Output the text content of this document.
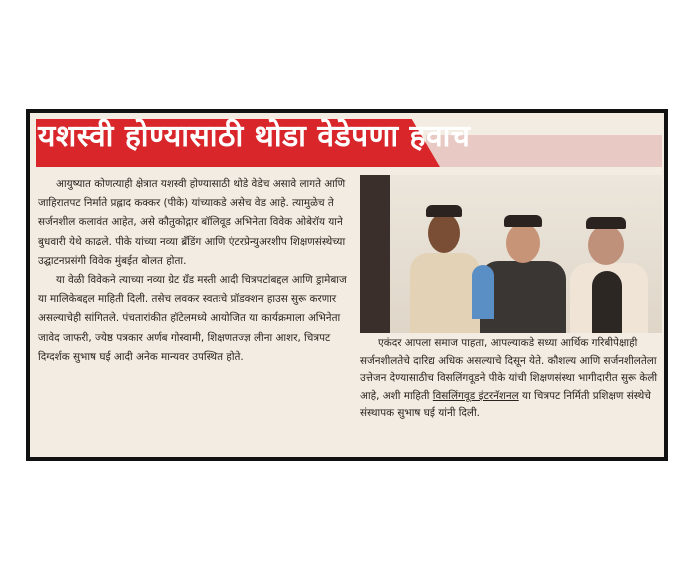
यशस्वी होण्यासाठी थोडा वेडेपणा हवाच

आयुष्यात कोणत्याही क्षेत्रात यशस्वी होण्यासाठी थोडे वेडेच असावे लागते आणि जाहिरातपट निर्माते प्रह्लाद कक्कर (पीके) यांच्याकडे असेच वेड आहे. त्यामुळेच ते सर्जनशील कलावंत आहेत, असे कौतुकोद्गार बॉलिवूड अभिनेता विवेक ओबेरॉय याने बुधवारी येथे काढले. पीके यांच्या नव्या ब्रँडिंग आणि एंटरप्रेन्युअरशीप शिक्षणसंस्थेच्या उद्घाटनप्रसंगी विवेक मुंबईत बोलत होता.

या वेळी विवेकने त्याच्या नव्या ग्रेट ग्रँड मस्ती आदी चित्रपटांबद्दल आणि ड्रामेबाज या मालिकेबद्दल माहिती दिली. तसेच लवकर स्वतःचे प्रॉडक्शन हाउस सुरू करणार असल्याचेही सांगितले. पंचतारांकीत हॉटेलमध्ये आयोजित या कार्यक्रमाला अभिनेता जावेद जाफरी, ज्येष्ठ पत्रकार अर्णब गोस्वामी, शिक्षणतज्ज्ञ लीना आशर, चित्रपट दिग्दर्शक सुभाष घई आदी अनेक मान्यवर उपस्थित होते.

एकंदर आपला समाज पाहता, आपल्याकडे सध्या आर्थिक गरिबीपेक्षाही सर्जनशीलतेचे दारिद्य अधिक असल्याचे दिसून येते. कौशल्य आणि सर्जनशीलतेला उत्तेजन देण्यासाठीच विसलिंगवूडने पीके यांची शिक्षणसंस्था भागीदारीत सुरू केली आहे, अशी माहिती विसलिंगवूड इंटरनॅशनल या चित्रपट निर्मिती प्रशिक्षण संस्थेचे संस्थापक सुभाष घई यांनी दिली.
